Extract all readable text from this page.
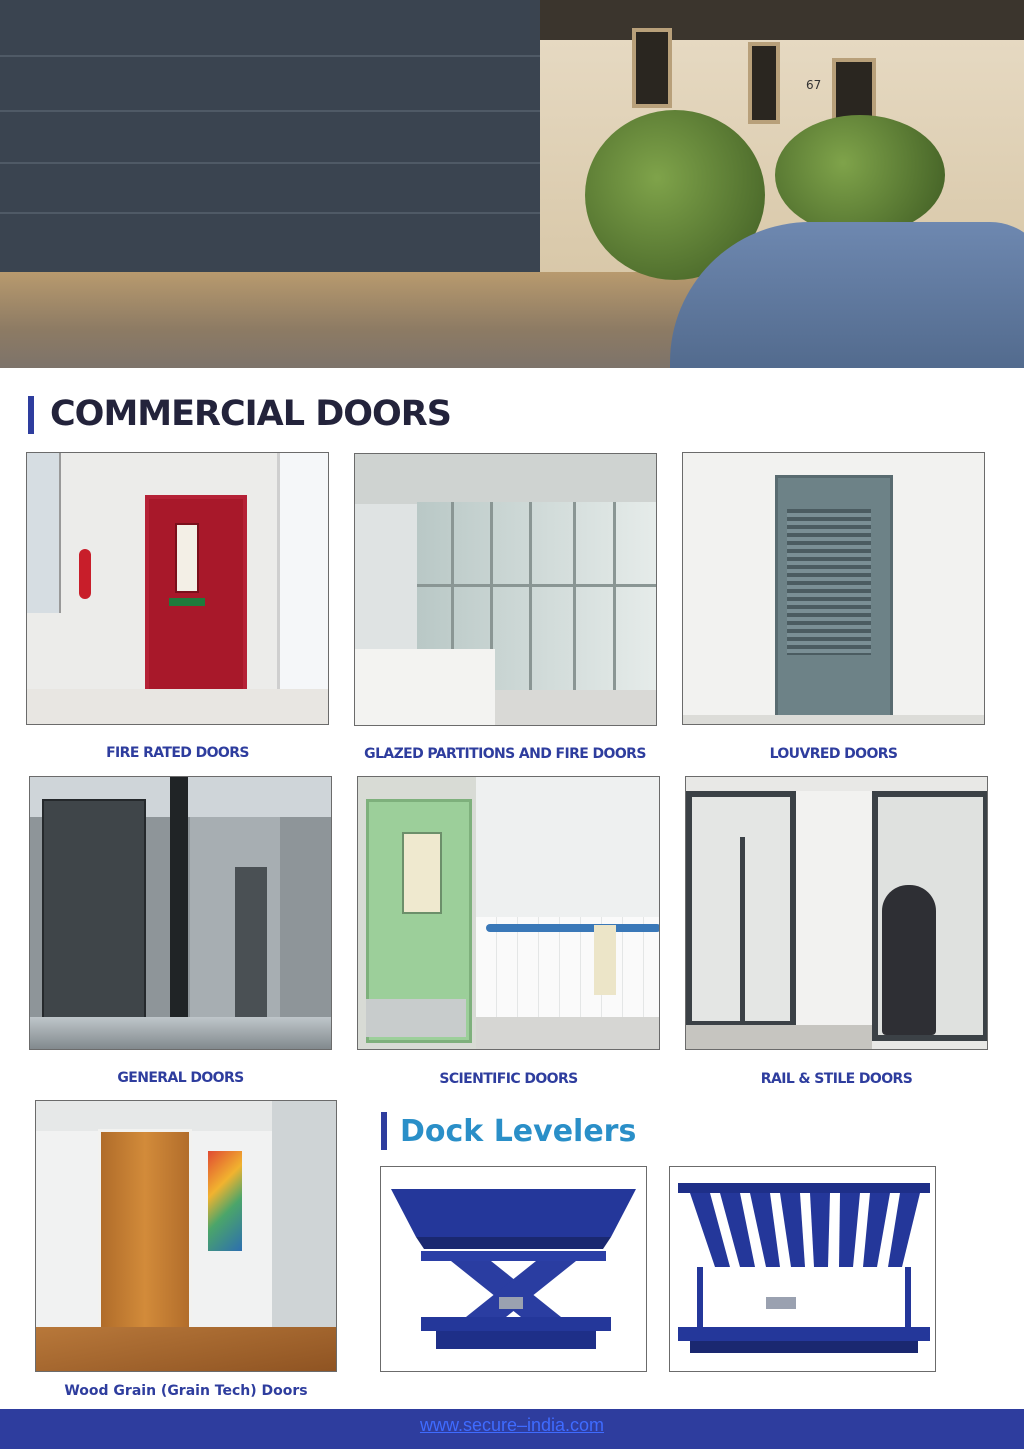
67
COMMERCIAL DOORS
FIRE RATED DOORS	GLAZED PARTITIONS AND FIRE DOORS	LOUVRED DOORS
GENERAL DOORS	SCIENTIFIC DOORS	RAIL & STILE DOORS
Wood Grain (Grain Tech) Doors
Dock Levelers
www.secure–india.com
